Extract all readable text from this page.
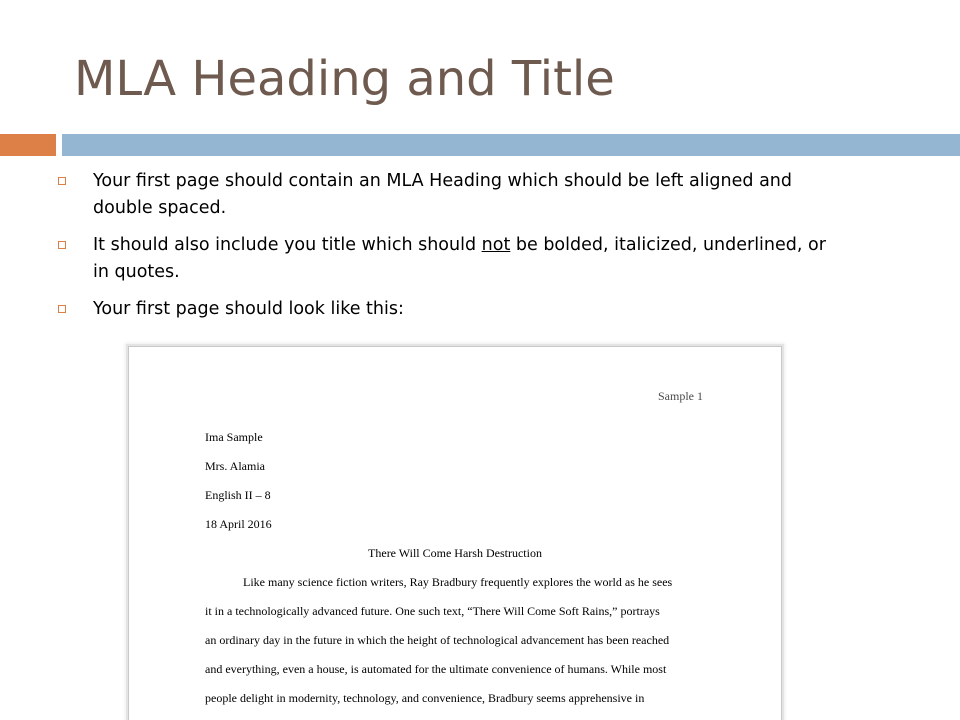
MLA Heading and Title
Your first page should contain an MLA Heading which should be left aligned and double spaced.
It should also include you title which should not be bolded, italicized, underlined, or in quotes.
Your first page should look like this:
Sample 1
Ima Sample
Mrs. Alamia
English II – 8
18 April 2016
There Will Come Harsh Destruction
Like many science fiction writers, Ray Bradbury frequently explores the world as he sees
it in a technologically advanced future. One such text, “There Will Come Soft Rains,” portrays
an ordinary day in the future in which the height of technological advancement has been reached
and everything, even a house, is automated for the ultimate convenience of humans. While most
people delight in modernity, technology, and convenience, Bradbury seems apprehensive in
